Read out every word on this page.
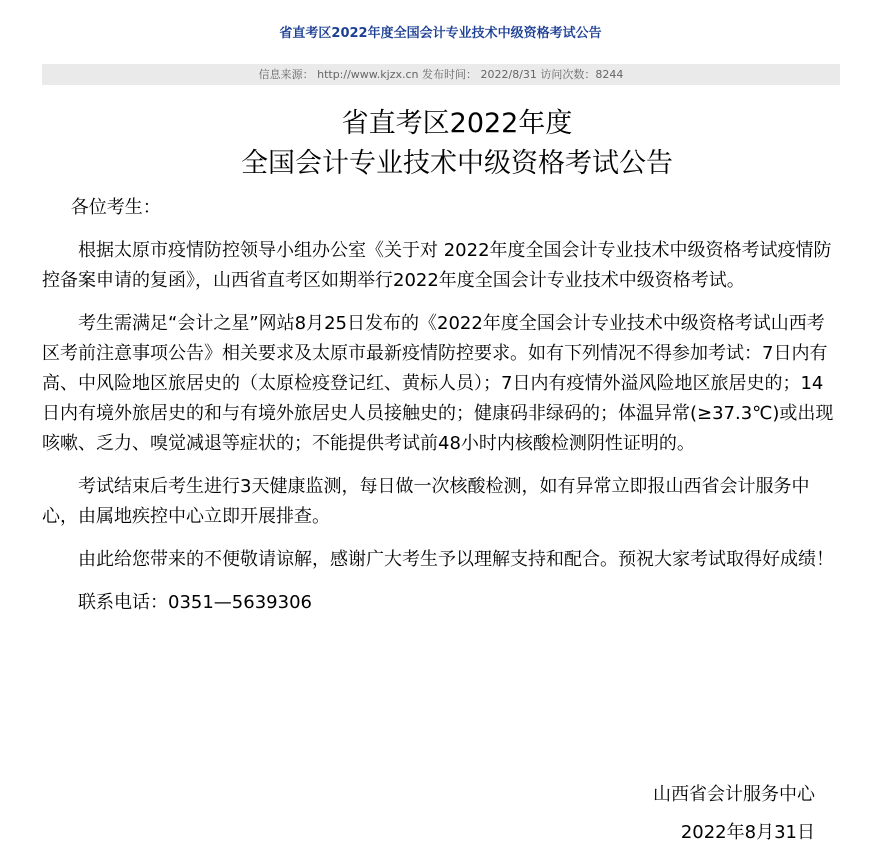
省直考区2022年度全国会计专业技术中级资格考试公告
信息来源： http://www.kjzx.cn 发布时间： 2022/8/31 访问次数：8244
省直考区2022年度
全国会计专业技术中级资格考试公告

各位考生：

根据太原市疫情防控领导小组办公室《关于对 2022年度全国会计专业技术中级资格考试疫情防控备案申请的复函》，山西省直考区如期举行2022年度全国会计专业技术中级资格考试。

考生需满足“会计之星”网站8月25日发布的《2022年度全国会计专业技术中级资格考试山西考区考前注意事项公告》相关要求及太原市最新疫情防控要求。如有下列情况不得参加考试：7日内有高、中风险地区旅居史的（太原检疫登记红、黄标人员）；7日内有疫情外溢风险地区旅居史的；14日内有境外旅居史的和与有境外旅居史人员接触史的；健康码非绿码的；体温异常(≥37.3℃)或出现咳嗽、乏力、嗅觉减退等症状的；不能提供考试前48小时内核酸检测阴性证明的。

考试结束后考生进行3天健康监测，每日做一次核酸检测，如有异常立即报山西省会计服务中心，由属地疾控中心立即开展排查。

由此给您带来的不便敬请谅解，感谢广大考生予以理解支持和配合。预祝大家考试取得好成绩！

联系电话：0351—5639306

山西省会计服务中心
2022年8月31日
